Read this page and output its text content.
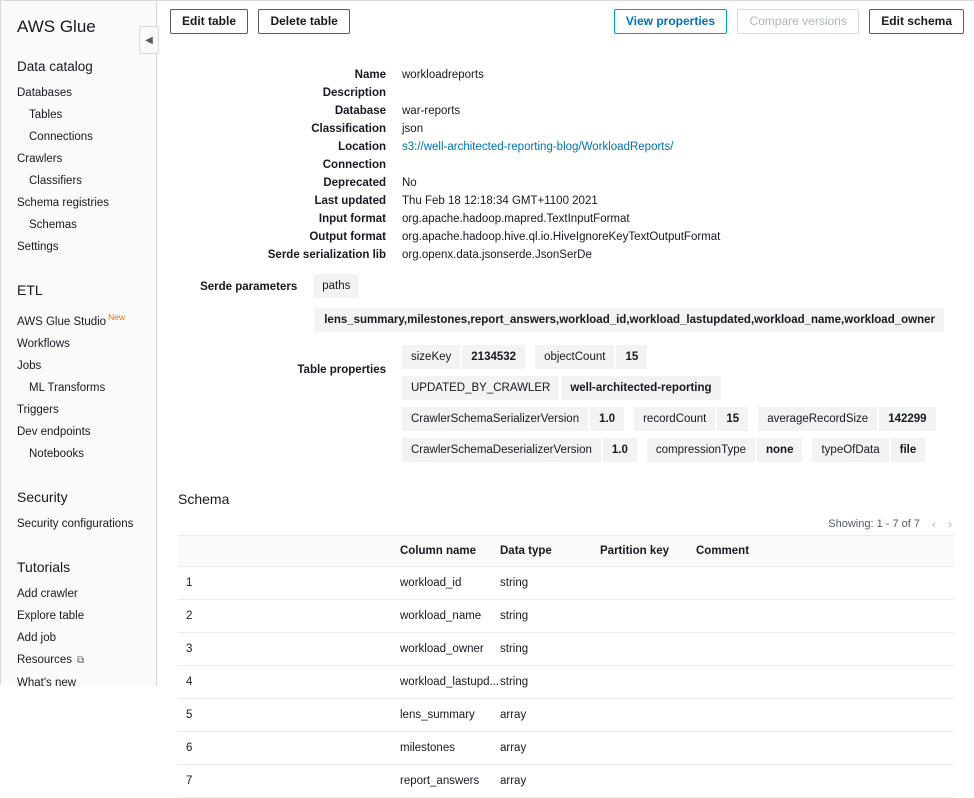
AWS Glue
Data catalog
Databases
Tables
Connections
Crawlers
Classifiers
Schema registries
Schemas
Settings
ETL
AWS Glue Studio $^{New}$
Workflows
Jobs
ML Transforms
Triggers
Dev endpoints
Notebooks
Security
Security configurations
Tutorials
Add crawler
Explore table
Add job
Resources ⧉
What's new
◀
Edit table	Delete table	View properties	Compare versions	Edit schema
Name	workloadreports
Description
Database	war-reports
Classification	json
Location	s3://well-architected-reporting-blog/WorkloadReports/
Connection
Deprecated	No
Last updated	Thu Feb 18 12:18:34 GMT+1100 2021
Input format	org.apache.hadoop.mapred.TextInputFormat
Output format	org.apache.hadoop.hive.ql.io.HiveIgnoreKeyTextOutputFormat
Serde serialization lib	org.openx.data.jsonserde.JsonSerDe
Serde parameters	paths
lens_summary,milestones,report_answers,workload_id,workload_lastupdated,workload_name,workload_owner
Table properties
sizeKey	2134532	objectCount	15
UPDATED_BY_CRAWLER	well-architected-reporting
CrawlerSchemaSerializerVersion	1.0	recordCount	15	averageRecordSize	142299
CrawlerSchemaDeserializerVersion	1.0	compressionType	none	typeOfData	file
Schema
Showing: 1 - 7 of 7 ‹ ›
	Column name	Data type	Partition key	Comment
1	workload_id	string		
2	workload_name	string		
3	workload_owner	string		
4	workload_lastupd...	string		
5	lens_summary	array		
6	milestones	array		
7	report_answers	array		
